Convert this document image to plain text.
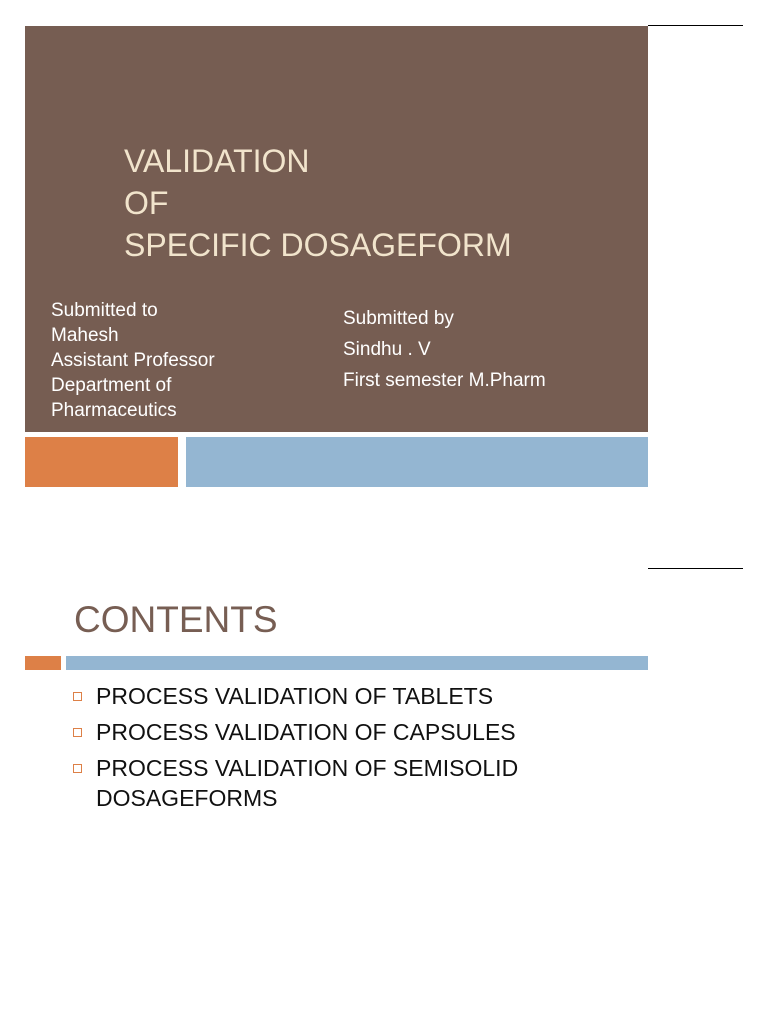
VALIDATION
OF
SPECIFIC DOSAGEFORM
Submitted to
Mahesh
Assistant Professor
Department of
Pharmaceutics
Submitted by
Sindhu . V
First semester M.Pharm
CONTENTS
PROCESS VALIDATION OF TABLETS
PROCESS VALIDATION OF CAPSULES
PROCESS VALIDATION OF SEMISOLID DOSAGEFORMS
